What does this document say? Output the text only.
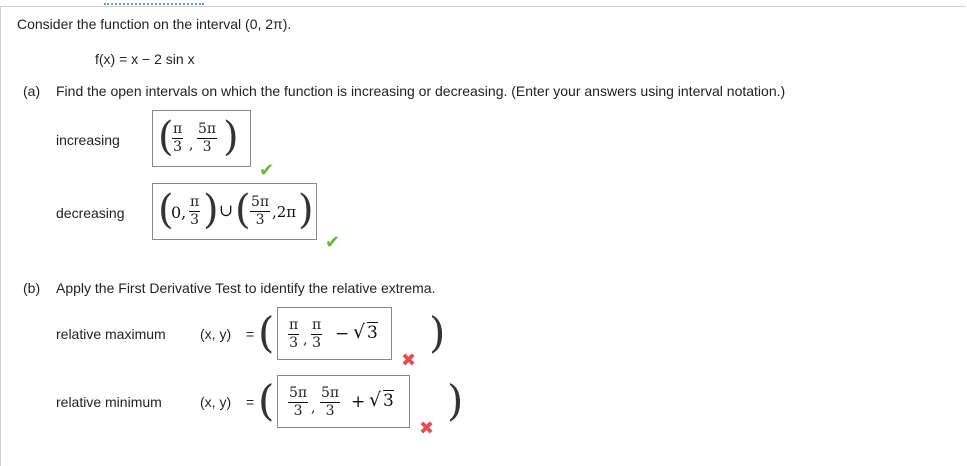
Consider the function on the interval (0, 2π).
f(x) = x − 2 sin x
(a) Find the open intervals on which the function is increasing or decreasing. (Enter your answers using interval notation.)
increasing (
$\frac{\pi}{3}$ , $\frac{5\pi}{3}$ )
✔
decreasing (
0, $\frac{\pi}{3}$ ) ∪ ( $\frac{5\pi}{3} ,2\pi$ )
✔
(b) Apply the First Derivative Test to identify the relative extrema.
relative maximum (x, y) = ( $\frac{\pi}{3}$ , $\frac{\pi}{3}$ − √ 3 )
✖
relative minimum	(x, y) = ( $\frac{5\pi}{3}$ , $\frac{5\pi}{3}$ + √ 3 )
✖
